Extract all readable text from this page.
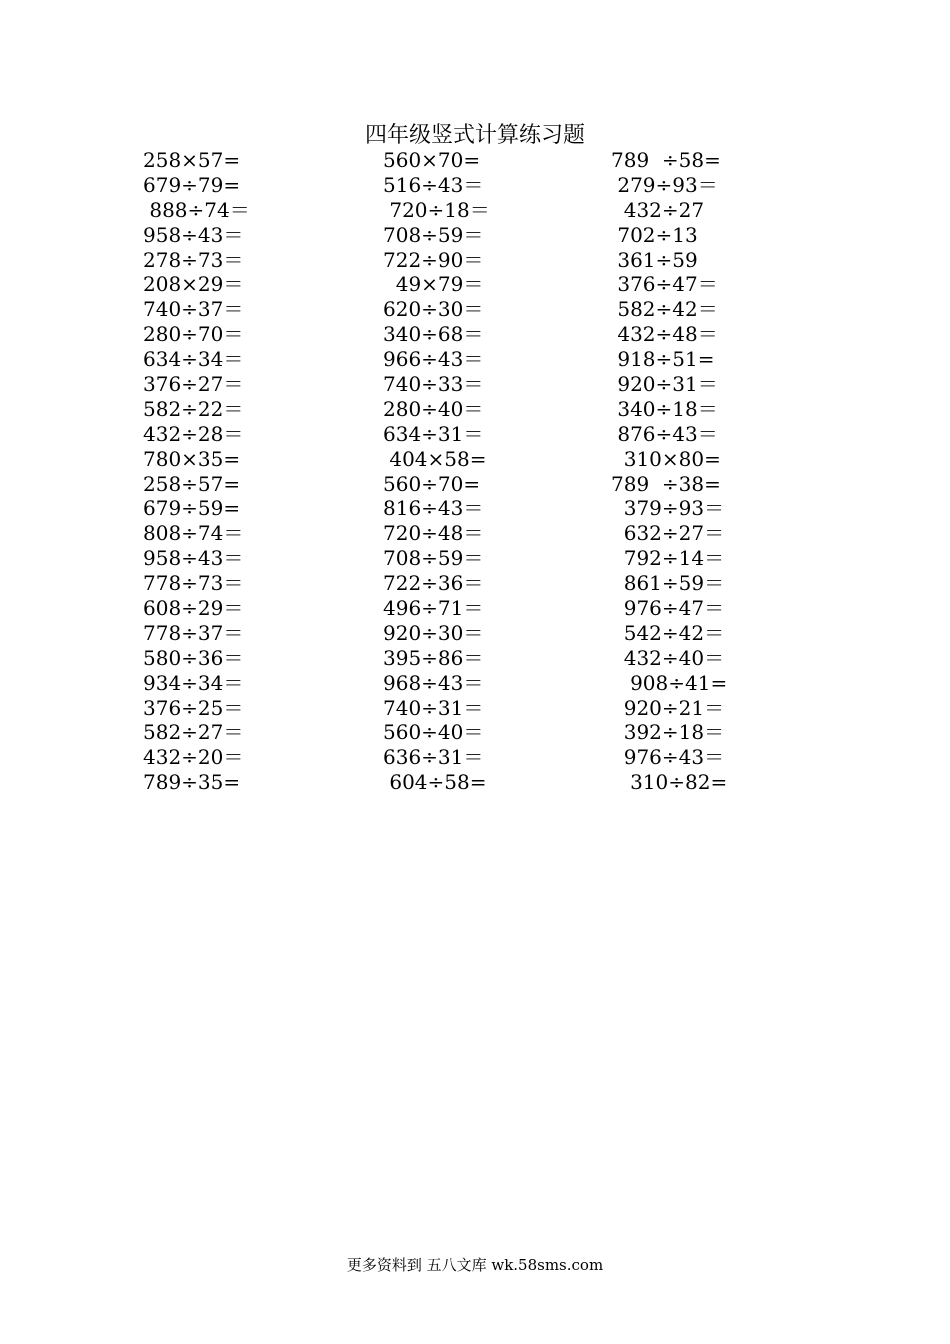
四年级竖式计算练习题
258×57=	560×70=	789  ÷58=
679÷79=	516÷43＝	279÷93＝
888÷74＝	720÷18＝	432÷27
958÷43＝	708÷59＝	702÷13
278÷73＝	722÷90＝	361÷59
208×29＝	49×79＝	376÷47＝
740÷37＝	620÷30＝	582÷42＝
280÷70＝	340÷68＝	432÷48＝
634÷34＝	966÷43＝	918÷51=
376÷27＝	740÷33＝	920÷31＝
582÷22＝	280÷40＝	340÷18＝
432÷28＝	634÷31＝	876÷43＝
780×35=	404×58=	310×80=
258÷57=	560÷70=	789  ÷38=
679÷59=	816÷43＝	379÷93＝
808÷74＝	720÷48＝	632÷27＝
958÷43＝	708÷59＝	792÷14＝
778÷73＝	722÷36＝	861÷59＝
608÷29＝	496÷71＝	976÷47＝
778÷37＝	920÷30＝	542÷42＝
580÷36＝	395÷86＝	432÷40＝
934÷34＝	968÷43＝	908÷41=
376÷25＝	740÷31＝	920÷21＝
582÷27＝	560÷40＝	392÷18＝
432÷20＝	636÷31＝	976÷43＝
789÷35=	604÷58=	310÷82=
更多资料到 五八文库 wk.58sms.com
